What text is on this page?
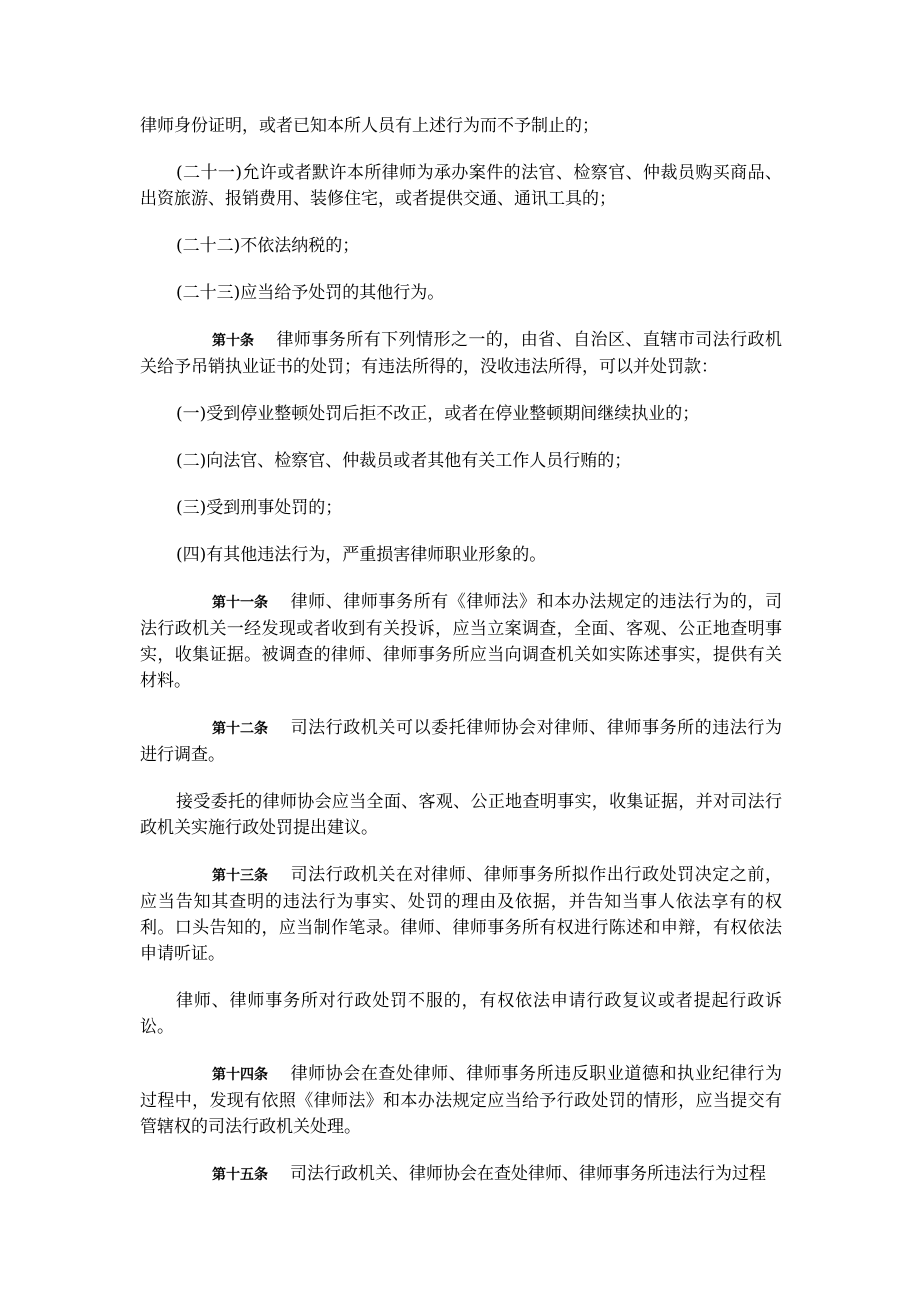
律师身份证明，或者已知本所人员有上述行为而不予制止的；

(二十一)允许或者默许本所律师为承办案件的法官、检察官、仲裁员购买商品、出资旅游、报销费用、装修住宅，或者提供交通、通讯工具的；

(二十二)不依法纳税的；

(二十三)应当给予处罚的其他行为。

第十条 律师事务所有下列情形之一的，由省、自治区、直辖市司法行政机关给予吊销执业证书的处罚；有违法所得的，没收违法所得，可以并处罚款：

(一)受到停业整顿处罚后拒不改正，或者在停业整顿期间继续执业的；

(二)向法官、检察官、仲裁员或者其他有关工作人员行贿的；

(三)受到刑事处罚的；

(四)有其他违法行为，严重损害律师职业形象的。

第十一条 律师、律师事务所有《律师法》和本办法规定的违法行为的，司法行政机关一经发现或者收到有关投诉，应当立案调查，全面、客观、公正地查明事实，收集证据。被调查的律师、律师事务所应当向调查机关如实陈述事实，提供有关材料。

第十二条 司法行政机关可以委托律师协会对律师、律师事务所的违法行为进行调查。

接受委托的律师协会应当全面、客观、公正地查明事实，收集证据，并对司法行政机关实施行政处罚提出建议。

第十三条 司法行政机关在对律师、律师事务所拟作出行政处罚决定之前，应当告知其查明的违法行为事实、处罚的理由及依据，并告知当事人依法享有的权利。口头告知的，应当制作笔录。律师、律师事务所有权进行陈述和申辩，有权依法申请听证。

律师、律师事务所对行政处罚不服的，有权依法申请行政复议或者提起行政诉讼。

第十四条 律师协会在查处律师、律师事务所违反职业道德和执业纪律行为过程中，发现有依照《律师法》和本办法规定应当给予行政处罚的情形，应当提交有管辖权的司法行政机关处理。

第十五条 司法行政机关、律师协会在查处律师、律师事务所违法行为过程
